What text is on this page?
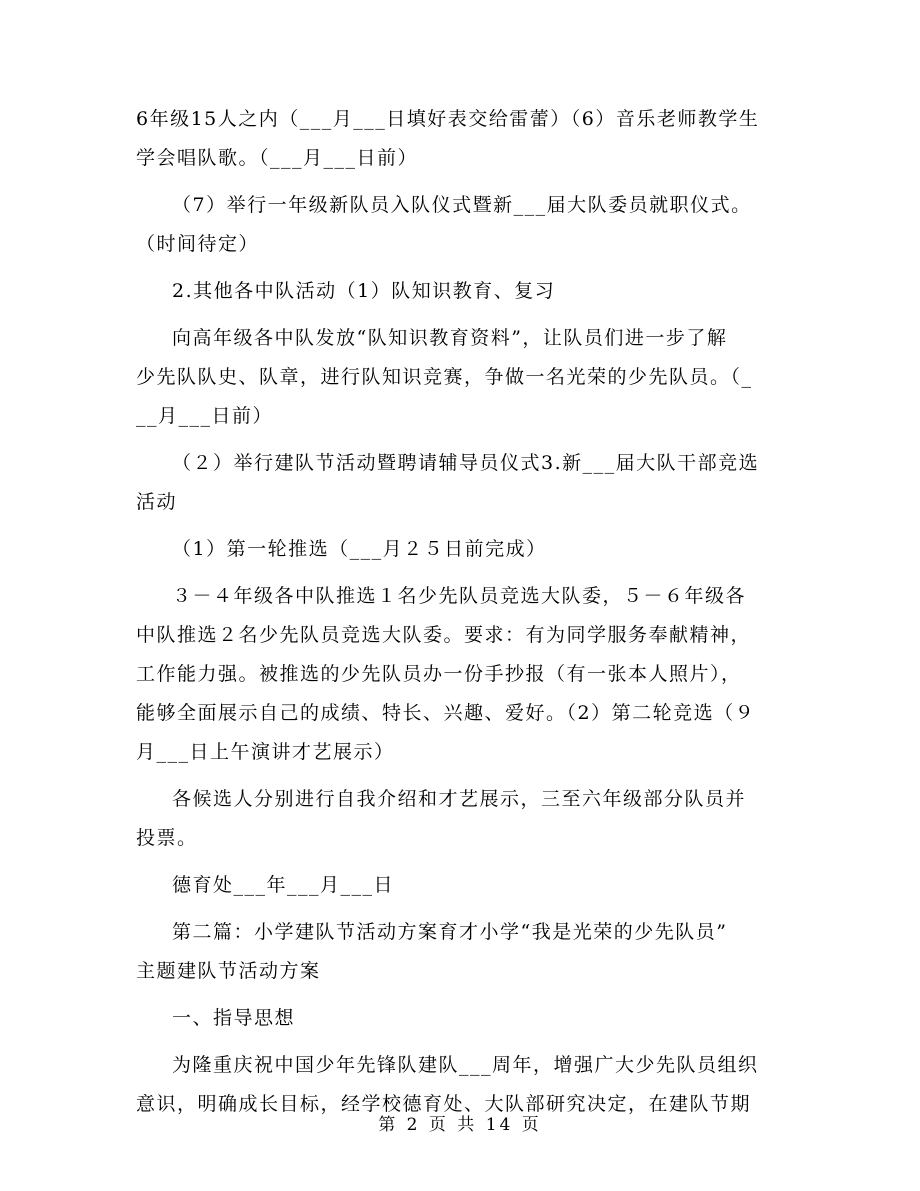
6年级15人之内（___月___日填好表交给雷蕾）（6）音乐老师教学生
学会唱队歌。（___月___日前）
（7）举行一年级新队员入队仪式暨新___届大队委员就职仪式。
（时间待定）
2.其他各中队活动（1）队知识教育、复习
向高年级各中队发放“队知识教育资料”，让队员们进一步了解
少先队队史、队章，进行队知识竞赛，争做一名光荣的少先队员。（_
__月___日前）
（２）举行建队节活动暨聘请辅导员仪式3.新___届大队干部竞选
活动
（1）第一轮推选（___月２５日前完成）
３－４年级各中队推选１名少先队员竞选大队委，５－６年级各
中队推选２名少先队员竞选大队委。要求：有为同学服务奉献精神，
工作能力强。被推选的少先队员办一份手抄报（有一张本人照片），
能够全面展示自己的成绩、特长、兴趣、爱好。（2）第二轮竞选（９
月___日上午演讲才艺展示）
各候选人分别进行自我介绍和才艺展示，三至六年级部分队员并
投票。
德育处___年___月___日
第二篇：小学建队节活动方案育才小学“我是光荣的少先队员”
主题建队节活动方案
一、指导思想
为隆重庆祝中国少年先锋队建队___周年，增强广大少先队员组织
意识，明确成长目标，经学校德育处、大队部研究决定，在建队节期
第 2 页 共 14 页
